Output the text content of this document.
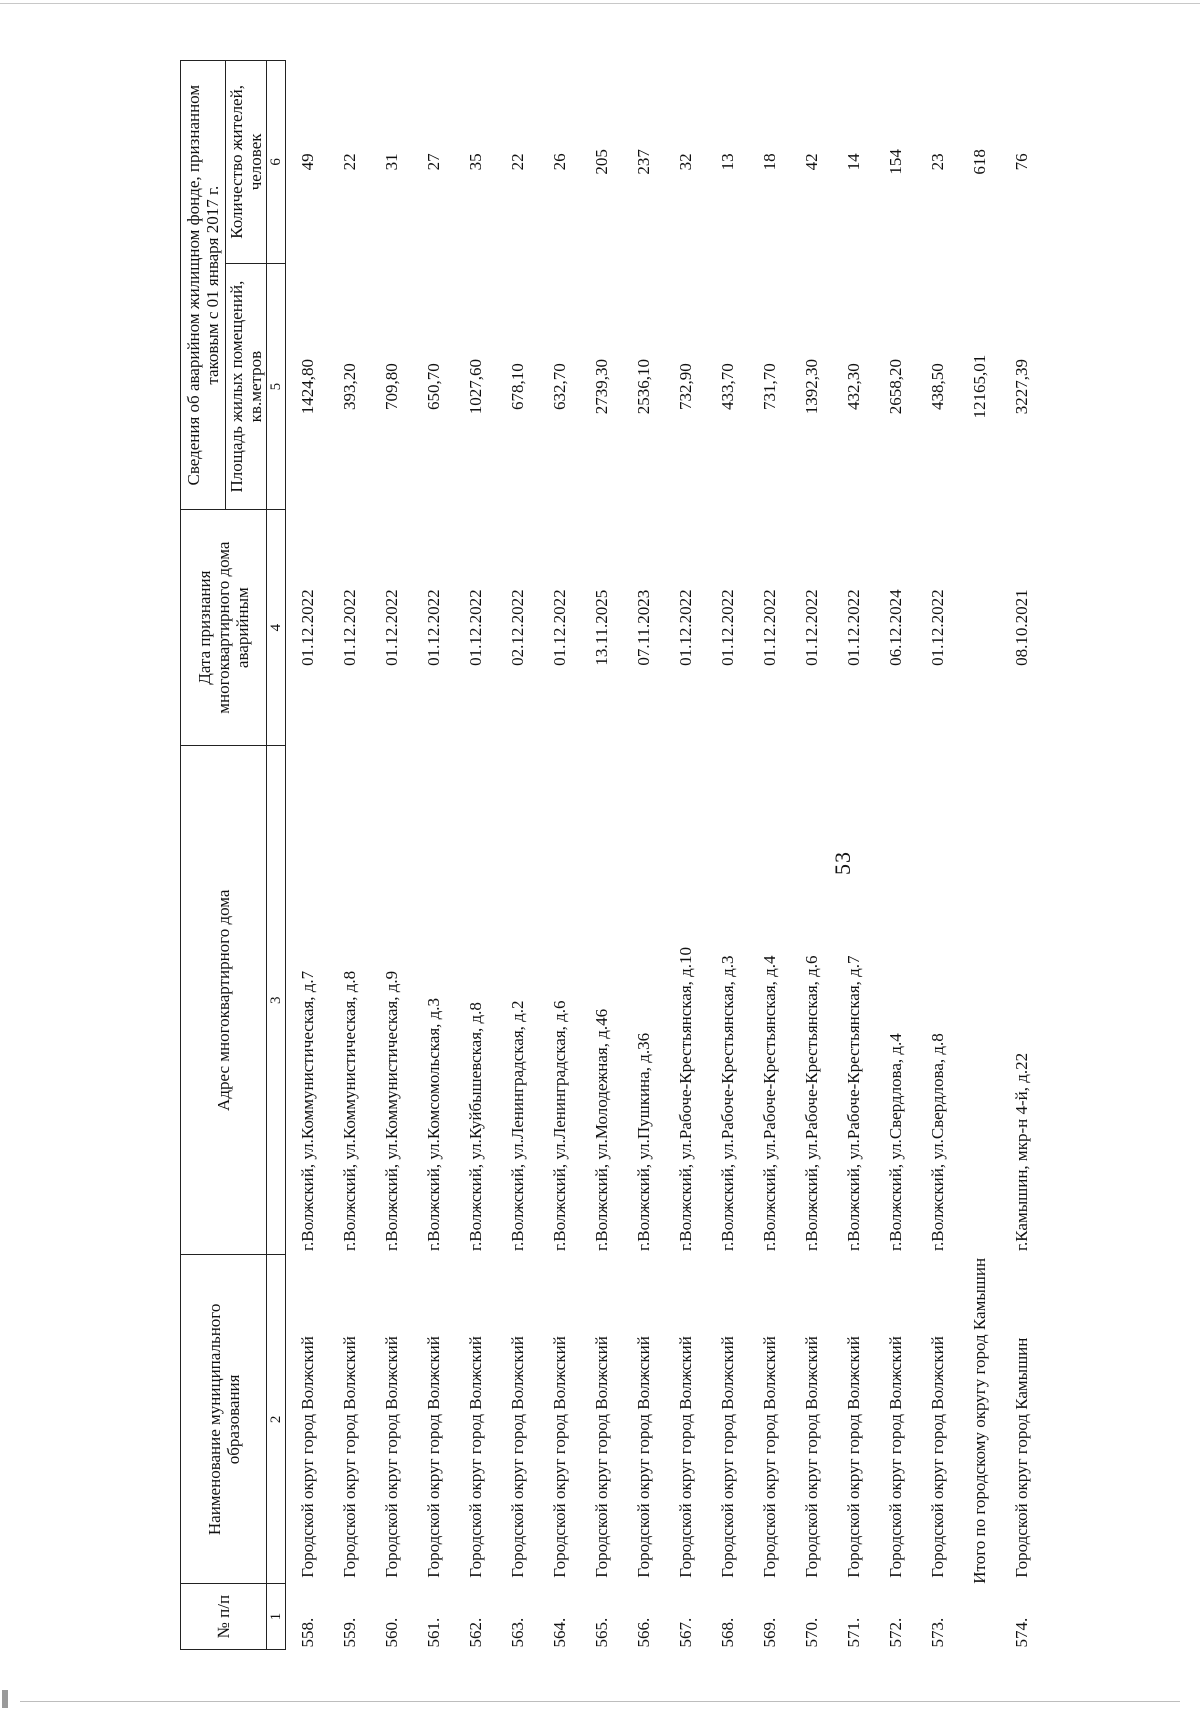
53
№ п/п	Наименование муниципального образования	Адрес многоквартирного дома	Дата признания многоквартирного дома аварийным	Сведения об аварийном жилищном фонде, признанном таковым с 01 января 2017 г.	
				Площадь жилых помещений, кв.метров	Количество жителей, человек
1	2	3	4	5	6
558.	Городской округ город Волжский	г.Волжский, ул.Коммунистическая, д.7	01.12.2022	1424,80	49
559.	Городской округ город Волжский	г.Волжский, ул.Коммунистическая, д.8	01.12.2022	393,20	22
560.	Городской округ город Волжский	г.Волжский, ул.Коммунистическая, д.9	01.12.2022	709,80	31
561.	Городской округ город Волжский	г.Волжский, ул.Комсомольская, д.3	01.12.2022	650,70	27
562.	Городской округ город Волжский	г.Волжский, ул.Куйбышевская, д.8	01.12.2022	1027,60	35
563.	Городской округ город Волжский	г.Волжский, ул.Ленинградская, д.2	02.12.2022	678,10	22
564.	Городской округ город Волжский	г.Волжский, ул.Ленинградская, д.6	01.12.2022	632,70	26
565.	Городской округ город Волжский	г.Волжский, ул.Молодежная, д.46	13.11.2025	2739,30	205
566.	Городской округ город Волжский	г.Волжский, ул.Пушкина, д.36	07.11.2023	2536,10	237
567.	Городской округ город Волжский	г.Волжский, ул.Рабоче-Крестьянская, д.10	01.12.2022	732,90	32
568.	Городской округ город Волжский	г.Волжский, ул.Рабоче-Крестьянская, д.3	01.12.2022	433,70	13
569.	Городской округ город Волжский	г.Волжский, ул.Рабоче-Крестьянская, д.4	01.12.2022	731,70	18
570.	Городской округ город Волжский	г.Волжский, ул.Рабоче-Крестьянская, д.6	01.12.2022	1392,30	42
571.	Городской округ город Волжский	г.Волжский, ул.Рабоче-Крестьянская, д.7	01.12.2022	432,30	14
572.	Городской округ город Волжский	г.Волжский, ул.Свердлова, д.4	06.12.2024	2658,20	154
573.	Городской округ город Волжский	г.Волжский, ул.Свердлова, д.8	01.12.2022	438,50	23
	Итого по городскому округу город Камышин			12165,01	618
574.	Городской округ город Камышин	г.Камышин, мкр-н 4-й, д.22	08.10.2021	3227,39	76
